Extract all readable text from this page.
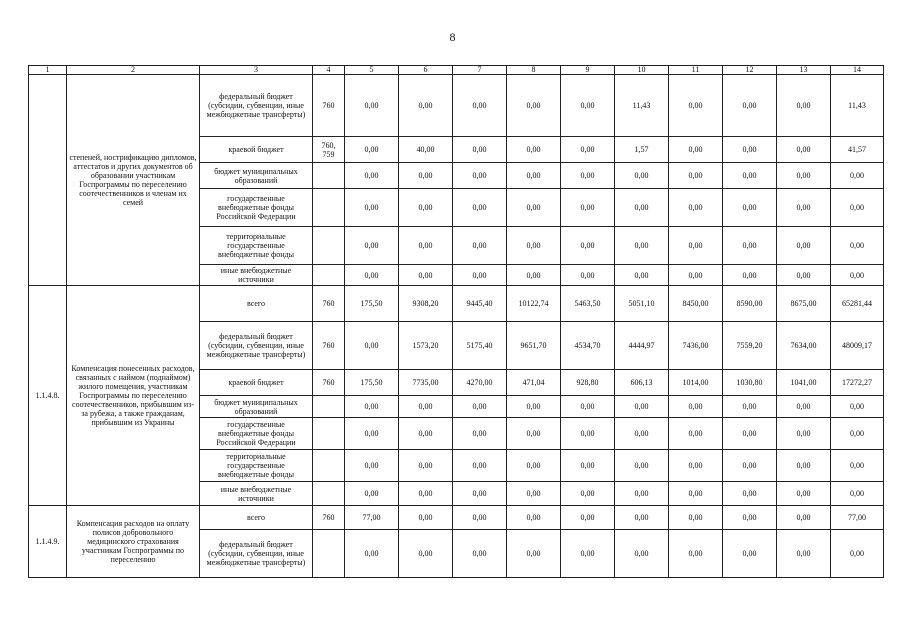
8
1	2	3	4	5	6	7	8	9	10	11	12	13	14
	степеней, нострификацию дипломов, аттестатов и других документов об образовании участникам Госпрограммы по переселению соотечественников и членам их семей	федеральный бюджет (субсидии, субвенции, иные межбюджетные трансферты)	760	0,00	0,00	0,00	0,00	0,00	11,43	0,00	0,00	0,00	11,43
		краевой бюджет	760, 759	0,00	40,00	0,00	0,00	0,00	1,57	0,00	0,00	0,00	41,57
		бюджет муниципальных образований		0,00	0,00	0,00	0,00	0,00	0,00	0,00	0,00	0,00	0,00
		государственные внебюджетные фонды Российской Федерации		0,00	0,00	0,00	0,00	0,00	0,00	0,00	0,00	0,00	0,00
		территориальные государственные внебюджетные фонды		0,00	0,00	0,00	0,00	0,00	0,00	0,00	0,00	0,00	0,00
		иные внебюджетные источники		0,00	0,00	0,00	0,00	0,00	0,00	0,00	0,00	0,00	0,00
1.1.4.8.	Компенсация понесенных расходов, связанных с наймом (поднаймом) жилого помещения, участникам Госпрограммы по переселению соотечественников, прибывшим из-за рубежа, а также гражданам, прибывшим из Украины	всего	760	175,50	9308,20	9445,40	10122,74	5463,50	5051,10	8450,00	8590,00	8675,00	65281,44
		федеральный бюджет (субсидии, субвенции, иные межбюджетные трансферты)	760	0,00	1573,20	5175,40	9651,70	4534,70	4444,97	7436,00	7559,20	7634,00	48009,17
		краевой бюджет	760	175,50	7735,00	4270,00	471,04	928,80	606,13	1014,00	1030,80	1041,00	17272,27
		бюджет муниципальных образований		0,00	0,00	0,00	0,00	0,00	0,00	0,00	0,00	0,00	0,00
		государственные внебюджетные фонды Российской Федерации		0,00	0,00	0,00	0,00	0,00	0,00	0,00	0,00	0,00	0,00
		территориальные государственные внебюджетные фонды		0,00	0,00	0,00	0,00	0,00	0,00	0,00	0,00	0,00	0,00
		иные внебюджетные источники		0,00	0,00	0,00	0,00	0,00	0,00	0,00	0,00	0,00	0,00
1.1.4.9.	Компенсация расходов на оплату полисов добровольного медицинского страхования участникам Госпрограммы по переселению	всего	760	77,00	0,00	0,00	0,00	0,00	0,00	0,00	0,00	0,00	77,00
		федеральный бюджет (субсидии, субвенции, иные межбюджетные трансферты)		0,00	0,00	0,00	0,00	0,00	0,00	0,00	0,00	0,00	0,00
